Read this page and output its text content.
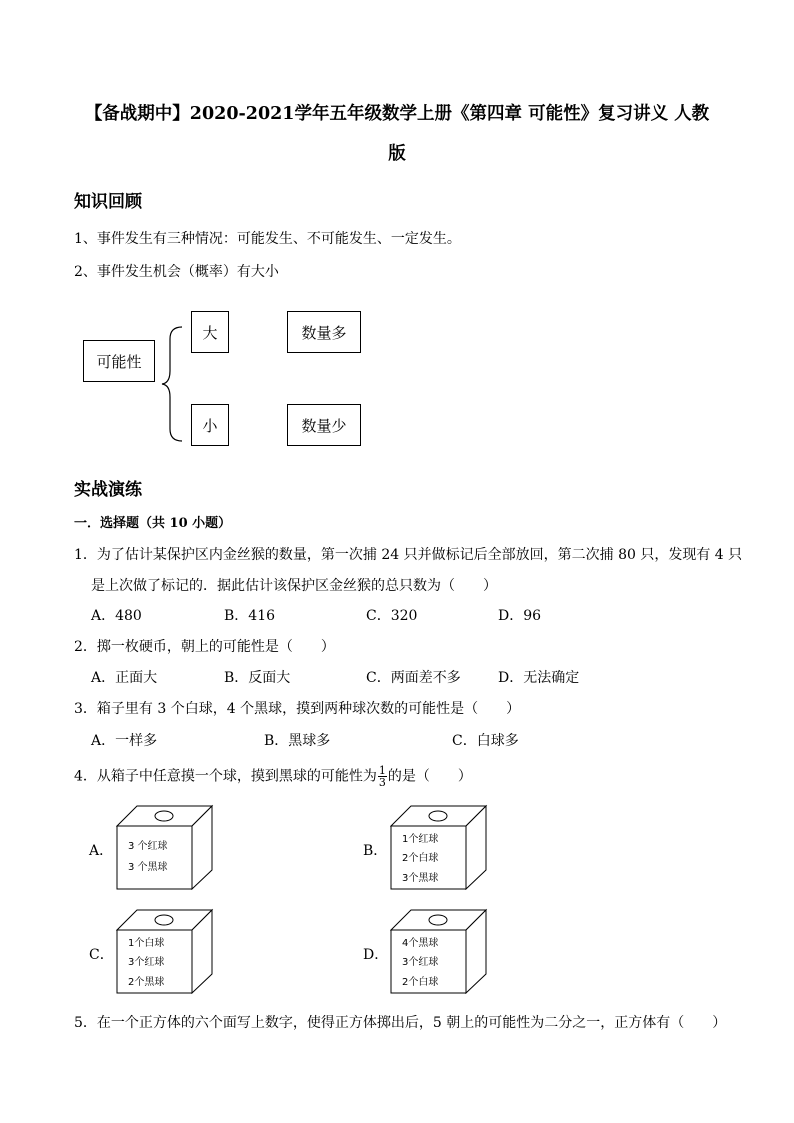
【备战期中】2020-2021学年五年级数学上册《第四章 可能性》复习讲义 人教
版
知识回顾
1、事件发生有三种情况：可能发生、不可能发生、一定发生。
2、事件发生机会（概率）有大小
可能性
大	数量多
小	数量少
实战演练
一．选择题（共 10 小题）
1．为了估计某保护区内金丝猴的数量，第一次捕 24 只并做标记后全部放回，第二次捕 80 只，发现有 4 只
是上次做了标记的．据此估计该保护区金丝猴的总只数为（　　）
A．480	B．416	C．320	D．96
2．掷一枚硬币，朝上的可能性是（　　）
A．正面大	B．反面大	C．两面差不多	D．无法确定
3．箱子里有 3 个白球，4 个黑球，摸到两种球次数的可能性是（　　）
A．一样多	B．黑球多	C．白球多
4．从箱子中任意摸一个球，摸到黑球的可能性为 $\frac{1}{3}$ 的是（　　）
A． 3 个红球
3 个黑球
B．
1个红球
2个白球
3个黑球
C．
1个白球
3个红球
2个黑球
D．
4个黑球
3个红球
2个白球
5．在一个正方体的六个面写上数字，使得正方体掷出后，5 朝上的可能性为二分之一，正方体有（　　）
